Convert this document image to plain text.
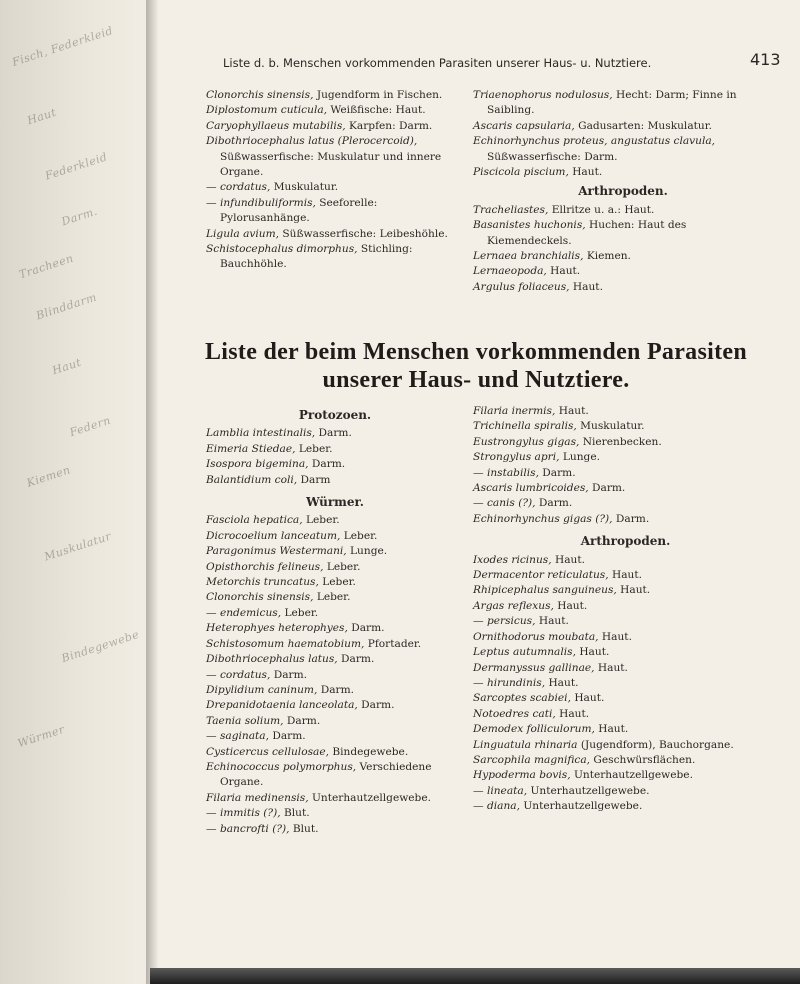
Fisch, Federkleid
Haut
Federkleid
Darm.
Tracheen
Blinddarm
Haut
Federn
Kiemen
Muskulatur
Bindegewebe
Würmer
Liste d. b. Menschen vorkommenden Parasiten unserer Haus- u. Nutztiere.	413
Clonorchis sinensis, Jugendform in Fischen.
Diplostomum cuticula, Weißfische: Haut.
Caryophyllaeus mutabilis, Karpfen: Darm.
Dibothriocephalus latus (Plerocercoid), Süßwasserfische: Muskulatur und innere Organe.
— cordatus, Muskulatur.
— infundibuliformis, Seeforelle: Pylorusanhänge.
Ligula avium, Süßwasserfische: Leibeshöhle.
Schistocephalus dimorphus, Stichling: Bauchhöhle.
Triaenophorus nodulosus, Hecht: Darm; Finne in Saibling.
Ascaris capsularia, Gadusarten: Muskulatur.
Echinorhynchus proteus, angustatus clavula, Süßwasserfische: Darm.
Piscicola piscium, Haut.
Arthropoden.
Tracheliastes, Ellritze u. a.: Haut.
Basanistes huchonis, Huchen: Haut des Kiemendeckels.
Lernaea branchialis, Kiemen.
Lernaeopoda, Haut.
Argulus foliaceus, Haut.
Liste der beim Menschen vorkommenden Parasiten
unserer Haus- und Nutztiere.
Protozoen.
Lamblia intestinalis, Darm.
Eimeria Stiedae, Leber.
Isospora bigemina, Darm.
Balantidium coli, Darm
Würmer.
Fasciola hepatica, Leber.
Dicrocoelium lanceatum, Leber.
Paragonimus Westermani, Lunge.
Opisthorchis felineus, Leber.
Metorchis truncatus, Leber.
Clonorchis sinensis, Leber.
— endemicus, Leber.
Heterophyes heterophyes, Darm.
Schistosomum haematobium, Pfortader.
Dibothriocephalus latus, Darm.
— cordatus, Darm.
Dipylidium caninum, Darm.
Drepanidotaenia lanceolata, Darm.
Taenia solium, Darm.
— saginata, Darm.
Cysticercus cellulosae, Bindegewebe.
Echinococcus polymorphus, Verschiedene Organe.
Filaria medinensis, Unterhautzellgewebe.
— immitis (?), Blut.
— bancrofti (?), Blut.
Filaria inermis, Haut.
Trichinella spiralis, Muskulatur.
Eustrongylus gigas, Nierenbecken.
Strongylus apri, Lunge.
— instabilis, Darm.
Ascaris lumbricoides, Darm.
— canis (?), Darm.
Echinorhynchus gigas (?), Darm.
Arthropoden.
Ixodes ricinus, Haut.
Dermacentor reticulatus, Haut.
Rhipicephalus sanguineus, Haut.
Argas reflexus, Haut.
— persicus, Haut.
Ornithodorus moubata, Haut.
Leptus autumnalis, Haut.
Dermanyssus gallinae, Haut.
— hirundinis, Haut.
Sarcoptes scabiei, Haut.
Notoedres cati, Haut.
Demodex folliculorum, Haut.
Linguatula rhinaria (Jugendform), Bauchorgane.
Sarcophila magnifica, Geschwürsflächen.
Hypoderma bovis, Unterhautzellgewebe.
— lineata, Unterhautzellgewebe.
— diana, Unterhautzellgewebe.
